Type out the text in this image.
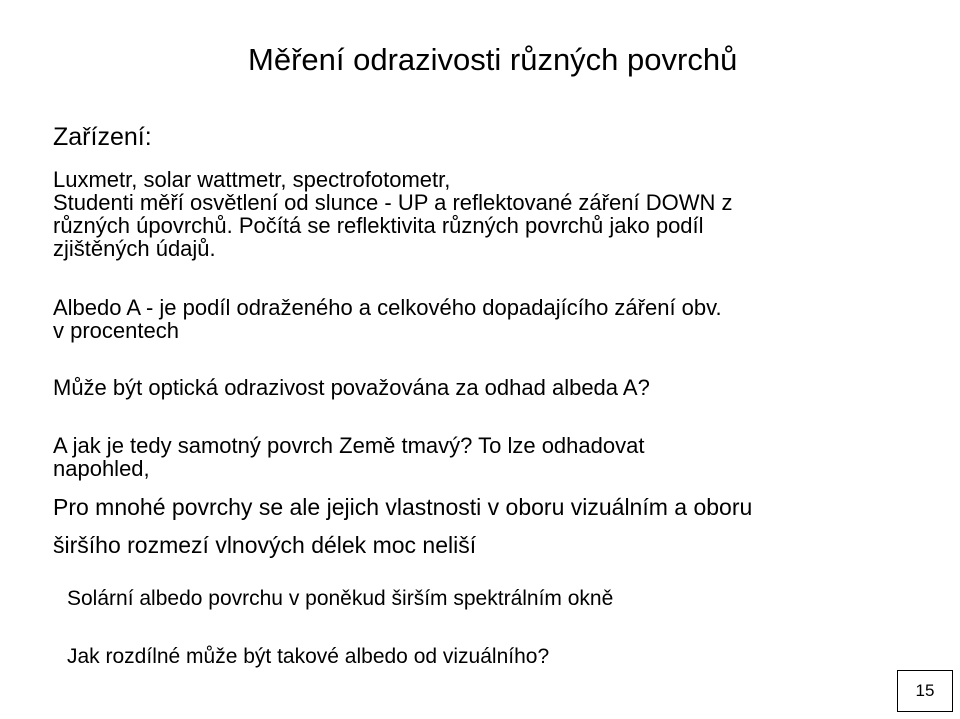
Měření odrazivosti různých povrchů
Zařízení:
Luxmetr, solar wattmetr, spectrofotometr,
Studenti měří osvětlení od slunce - UP a reflektované záření DOWN z
různých úpovrchů. Počítá se reflektivita různých povrchů jako podíl
zjištěných údajů.
Albedo A - je podíl odraženého a celkového dopadajícího záření obv.
v procentech
Může být optická odrazivost považována za odhad albeda A?
A jak je tedy samotný povrch Země tmavý? To lze odhadovat
napohled,
Pro mnohé povrchy se ale jejich vlastnosti v oboru vizuálním a oboru
širšího rozmezí vlnových délek moc neliší
Solární albedo povrchu v poněkud širším spektrálním okně
Jak rozdílné může být takové albedo od vizuálního?
15
